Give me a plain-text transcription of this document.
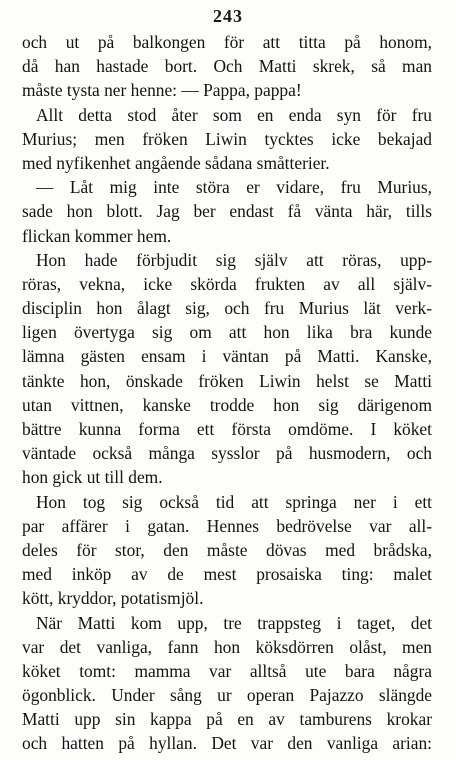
243
och ut på balkongen för att titta på honom,
då han hastade bort. Och Matti skrek, så man
måste tysta ner henne: — Pappa, pappa!
Allt detta stod åter som en enda syn för fru
Murius; men fröken Liwin tycktes icke bekajad
med nyfikenhet angående sådana småtterier.
— Låt mig inte störa er vidare, fru Murius,
sade hon blott. Jag ber endast få vänta här, tills
flickan kommer hem.
Hon hade förbjudit sig själv att röras, upp-
röras, vekna, icke skörda frukten av all själv-
disciplin hon ålagt sig, och fru Murius lät verk-
ligen övertyga sig om att hon lika bra kunde
lämna gästen ensam i väntan på Matti. Kanske,
tänkte hon, önskade fröken Liwin helst se Matti
utan vittnen, kanske trodde hon sig därigenom
bättre kunna forma ett första omdöme. I köket
väntade också många sysslor på husmodern, och
hon gick ut till dem.
Hon tog sig också tid att springa ner i ett
par affärer i gatan. Hennes bedrövelse var all-
deles för stor, den måste dövas med brådska,
med inköp av de mest prosaiska ting: malet
kött, kryddor, potatismjöl.
När Matti kom upp, tre trappsteg i taget, det
var det vanliga, fann hon köksdörren olåst, men
köket tomt: mamma var alltså ute bara några
ögonblick. Under sång ur operan Pajazzo slängde
Matti upp sin kappa på en av tamburens krokar
och hatten på hyllan. Det var den vanliga arian:
